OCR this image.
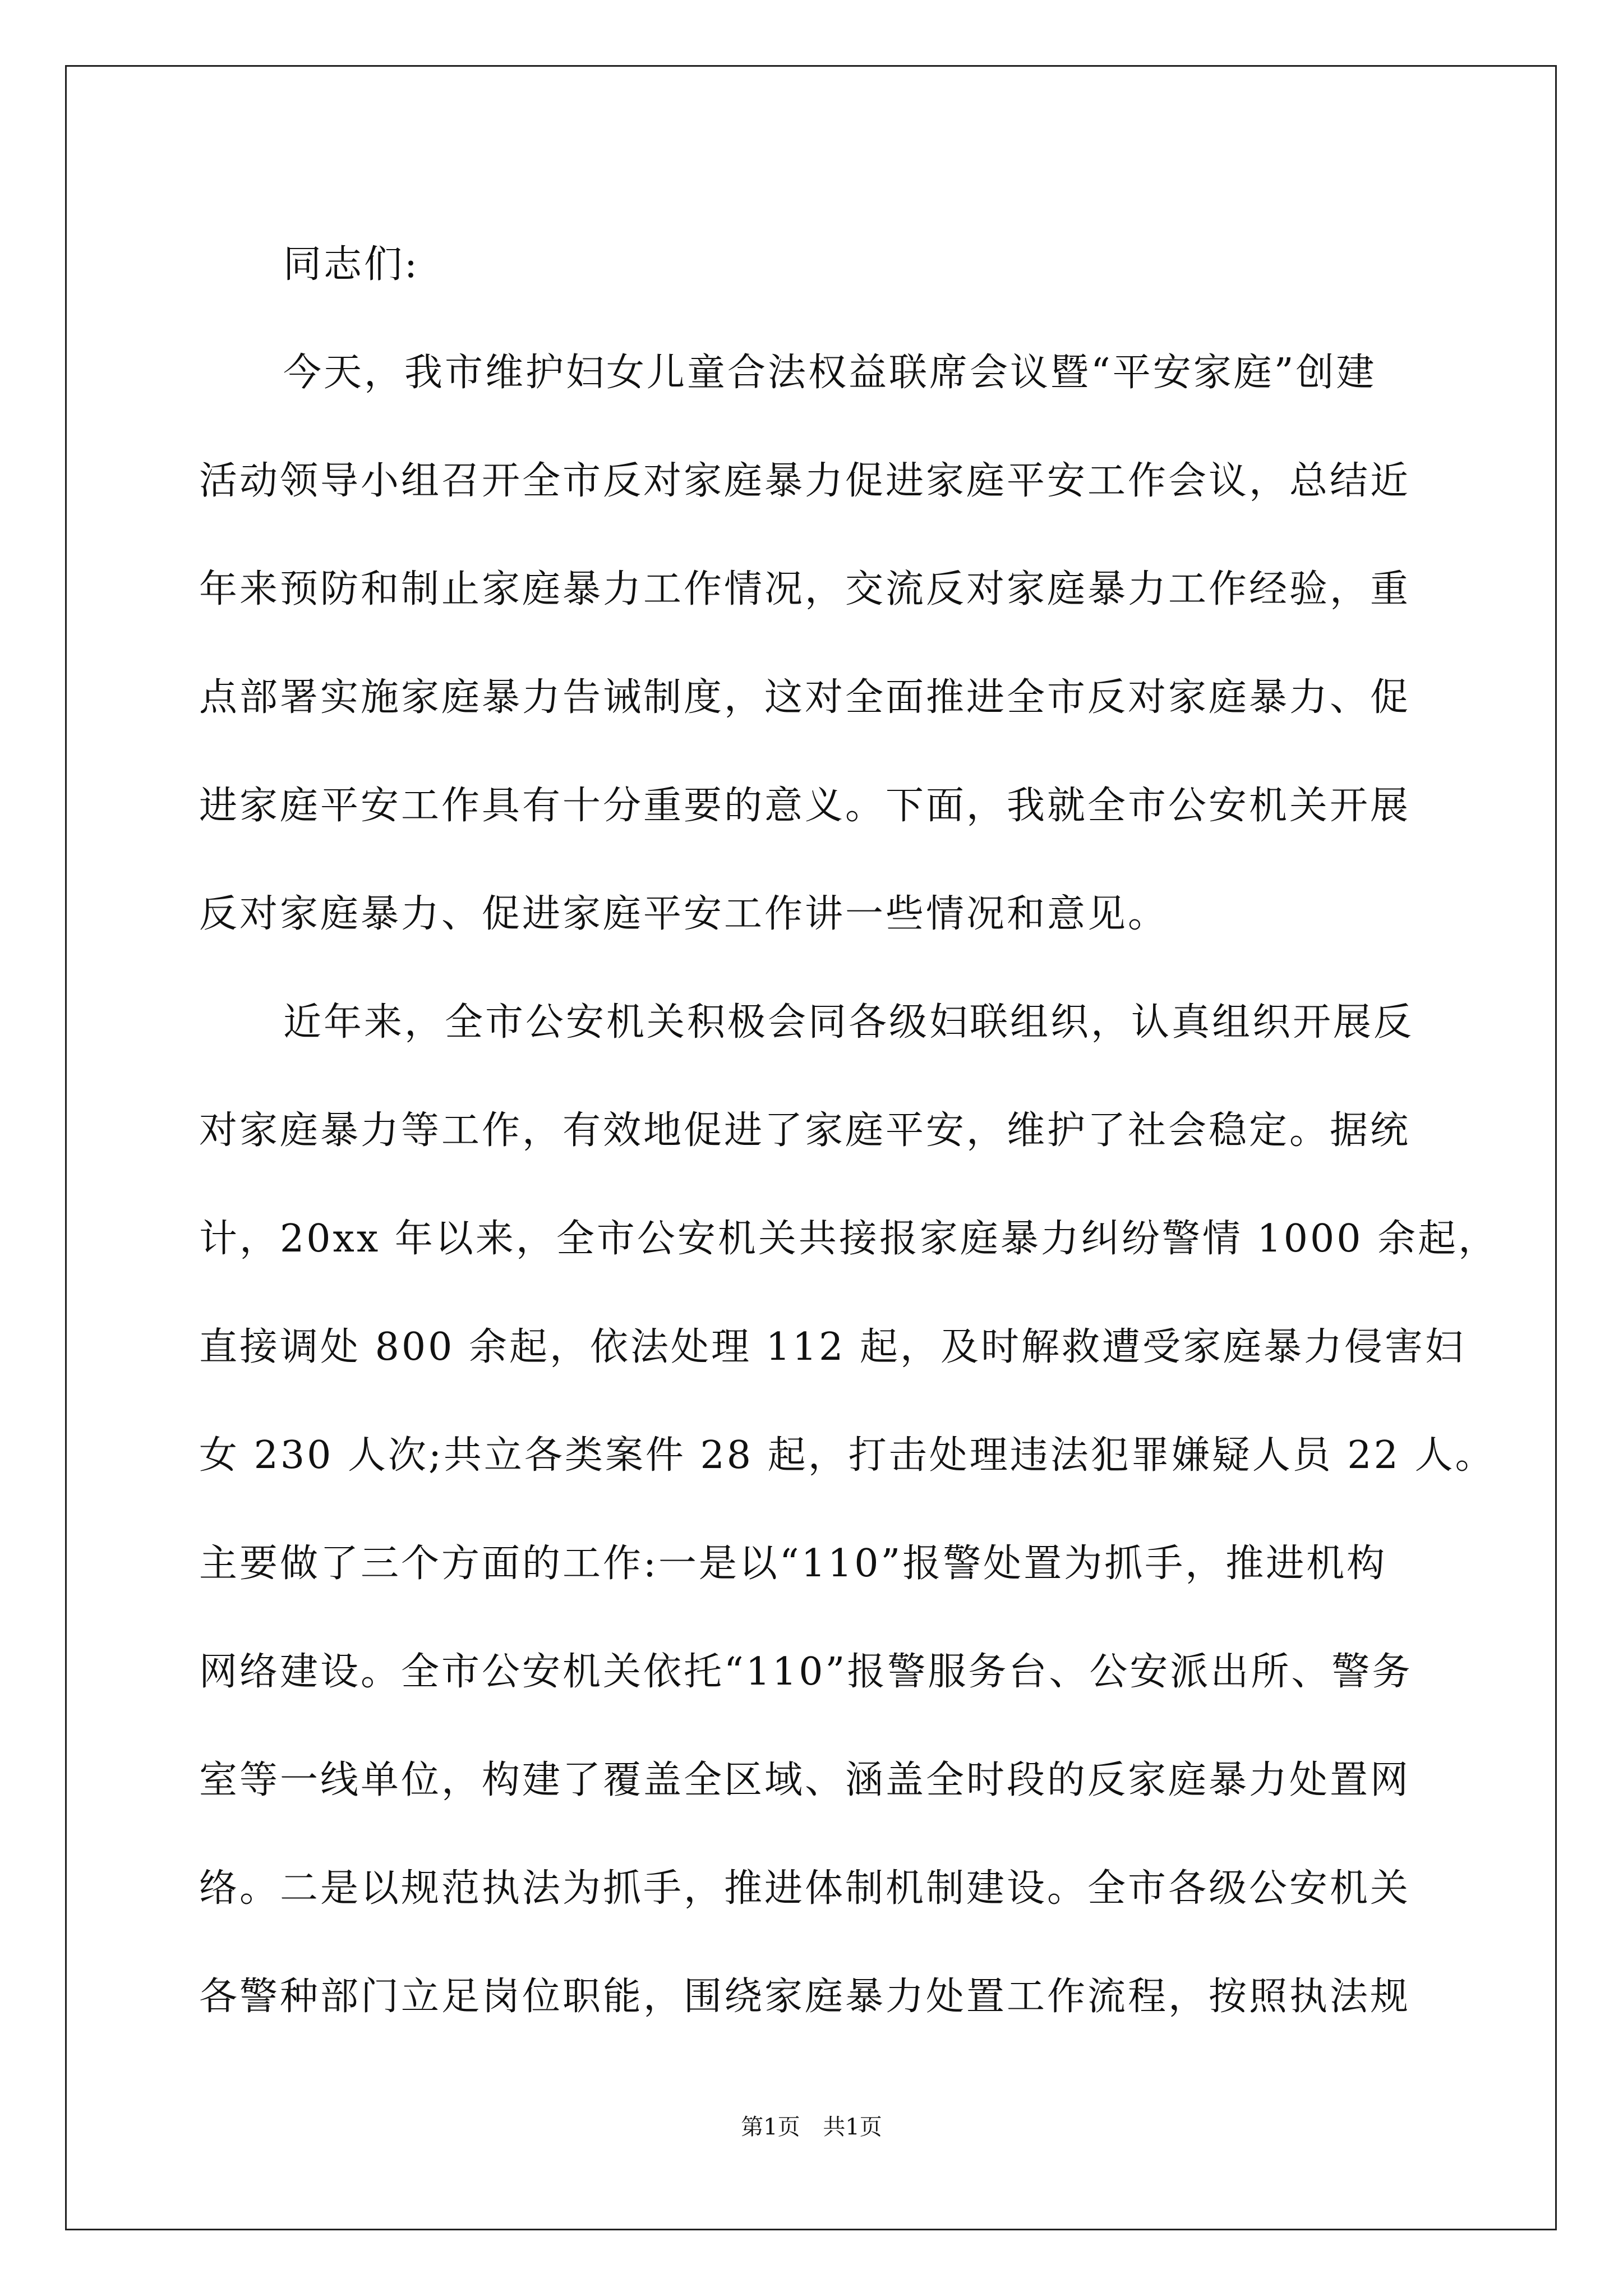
同志们:
今天，我市维护妇女儿童合法权益联席会议暨“平安家庭”创建
活动领导小组召开全市反对家庭暴力促进家庭平安工作会议，总结近
年来预防和制止家庭暴力工作情况，交流反对家庭暴力工作经验，重
点部署实施家庭暴力告诫制度，这对全面推进全市反对家庭暴力、促
进家庭平安工作具有十分重要的意义。下面，我就全市公安机关开展
反对家庭暴力、促进家庭平安工作讲一些情况和意见。
近年来，全市公安机关积极会同各级妇联组织，认真组织开展反
对家庭暴力等工作，有效地促进了家庭平安，维护了社会稳定。据统
计，20xx 年以来，全市公安机关共接报家庭暴力纠纷警情 1000 余起，
直接调处 800 余起，依法处理 112 起，及时解救遭受家庭暴力侵害妇
女 230 人次;共立各类案件 28 起，打击处理违法犯罪嫌疑人员 22 人。
主要做了三个方面的工作:一是以“110”报警处置为抓手，推进机构
网络建设。全市公安机关依托“110”报警服务台、公安派出所、警务
室等一线单位，构建了覆盖全区域、涵盖全时段的反家庭暴力处置网
络。二是以规范执法为抓手，推进体制机制建设。全市各级公安机关
各警种部门立足岗位职能，围绕家庭暴力处置工作流程，按照执法规
第1页 共1页
